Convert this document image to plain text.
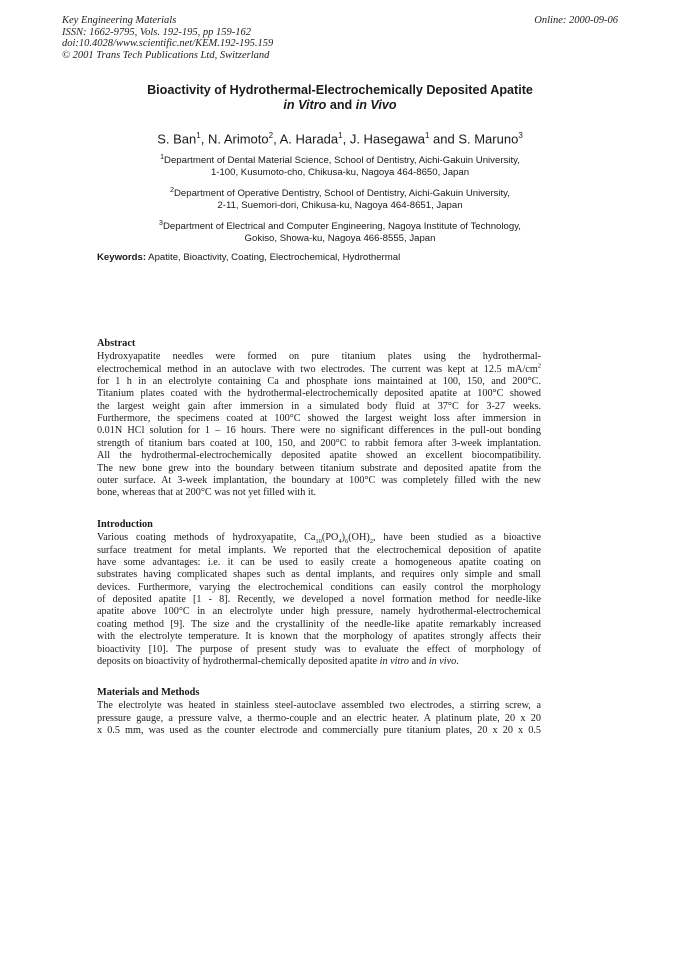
Key Engineering Materials
ISSN: 1662-9795, Vols. 192-195, pp 159-162
doi:10.4028/www.scientific.net/KEM.192-195.159
© 2001 Trans Tech Publications Ltd, Switzerland
Online: 2000-09-06
Bioactivity of Hydrothermal-Electrochemically Deposited Apatite
in Vitro and in Vivo
S. Ban$^1$, N. Arimoto$^2$, A. Harada$^1$, J. Hasegawa$^1$ and S. Maruno$^3$
$^1$Department of Dental Material Science, School of Dentistry, Aichi-Gakuin University,
1-100, Kusumoto-cho, Chikusa-ku, Nagoya 464-8650, Japan
$^2$Department of Operative Dentistry, School of Dentistry, Aichi-Gakuin University,
2-11, Suemori-dori, Chikusa-ku, Nagoya 464-8651, Japan
$^3$Department of Electrical and Computer Engineering, Nagoya Institute of Technology,
Gokiso, Showa-ku, Nagoya 466-8555, Japan
Keywords: Apatite, Bioactivity, Coating, Electrochemical, Hydrothermal
Abstract

Hydroxyapatite needles were formed on pure titanium plates using the hydrothermal-
electrochemical method in an autoclave with two electrodes. The current was kept at 12.5 $mA/cm^2$
for 1 h in an electrolyte containing Ca and phosphate ions maintained at 100, 150, and 200°C.
Titanium plates coated with the hydrothermal-electrochemically deposited apatite at 100°C showed
the largest weight gain after immersion in a simulated body fluid at 37°C for 3-27 weeks.
Furthermore, the specimens coated at 100°C showed the largest weight loss after immersion in
0.01N HCl solution for 1 – 16 hours. There were no significant differences in the pull-out bonding
strength of titanium bars coated at 100, 150, and 200°C to rabbit femora after 3-week implantation.
All the hydrothermal-electrochemically deposited apatite showed an excellent biocompatibility.
The new bone grew into the boundary between titanium substrate and deposited apatite from the
outer surface. At 3-week implantation, the boundary at 100°C was completely filled with the new
bone, whereas that at 200°C was not yet filled with it.

Introduction

Various coating methods of hydroxyapatite, $Ca_{10}(PO_4)_6(OH)_2$, have been studied as a bioactive
surface treatment for metal implants. We reported that the electrochemical deposition of apatite
have some advantages: i.e. it can be used to easily create a homogeneous apatite coating on
substrates having complicated shapes such as dental implants, and requires only simple and small
devices. Furthermore, varying the electrochemical conditions can easily control the morphology
of deposited apatite [1 - 8]. Recently, we developed a novel formation method for needle-like
apatite above 100°C in an electrolyte under high pressure, namely hydrothermal-electrochemical
coating method [9]. The size and the crystallinity of the needle-like apatite remarkably increased
with the electrolyte temperature. It is known that the morphology of apatites strongly affects their
bioactivity [10]. The purpose of present study was to evaluate the effect of morphology of
deposits on bioactivity of hydrothermal-chemically deposited apatite in vitro and in vivo.

Materials and Methods

The electrolyte was heated in stainless steel-autoclave assembled two electrodes, a stirring screw, a
pressure gauge, a pressure valve, a thermo-couple and an electric heater. A platinum plate, 20 x 20
x 0.5 mm, was used as the counter electrode and commercially pure titanium plates, 20 x 20 x 0.5
